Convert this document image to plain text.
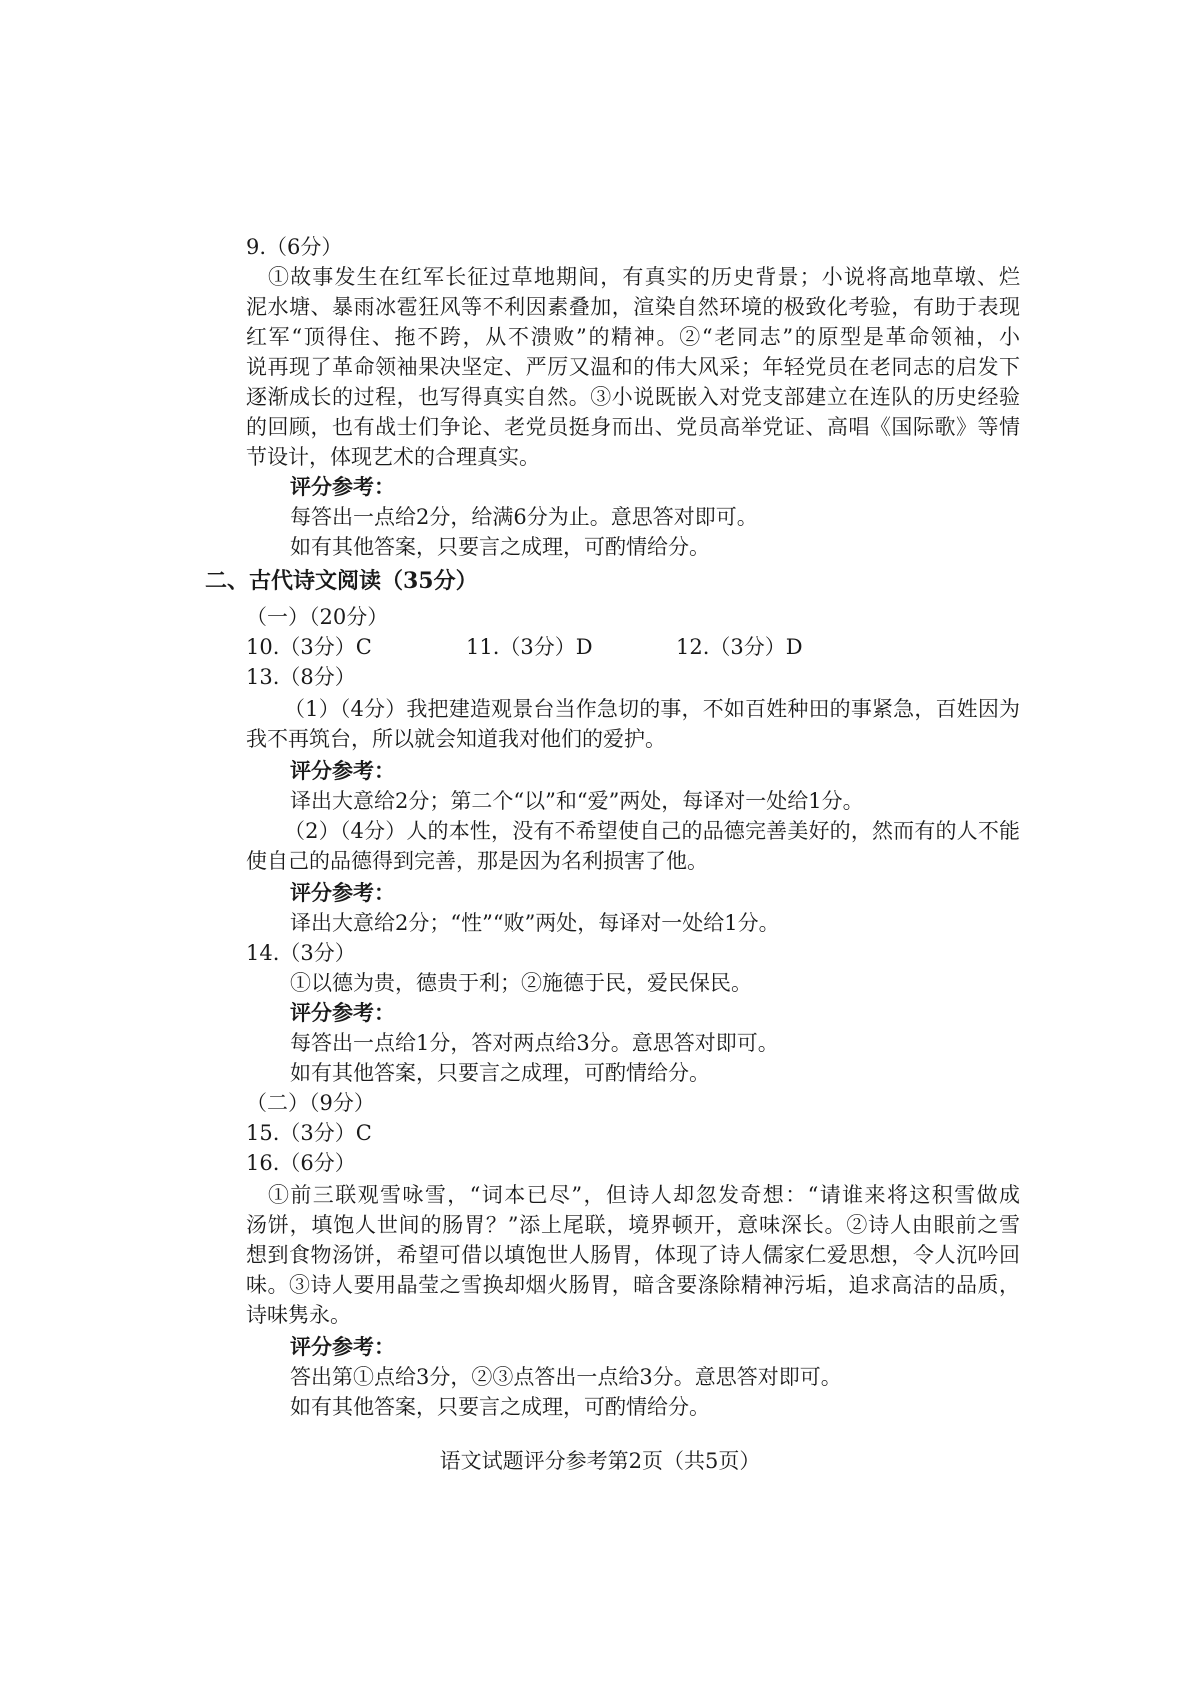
9.（6分）
①故事发生在红军长征过草地期间，有真实的历史背景；小说将高地草墩、烂
泥水塘、暴雨冰雹狂风等不利因素叠加，渲染自然环境的极致化考验，有助于表现
红军“顶得住、拖不跨，从不溃败”的精神。②“老同志”的原型是革命领袖，小
说再现了革命领袖果决坚定、严厉又温和的伟大风采；年轻党员在老同志的启发下
逐渐成长的过程，也写得真实自然。③小说既嵌入对党支部建立在连队的历史经验
的回顾，也有战士们争论、老党员挺身而出、党员高举党证、高唱《国际歌》等情
节设计，体现艺术的合理真实。
评分参考：
每答出一点给2分，给满6分为止。意思答对即可。
如有其他答案，只要言之成理，可酌情给分。
二、古代诗文阅读（35分）
（一）（20分）
10.（3分）C	11.（3分）D	12.（3分）D
13.（8分）
（1）（4分）我把建造观景台当作急切的事，不如百姓种田的事紧急，百姓因为
我不再筑台，所以就会知道我对他们的爱护。
评分参考：
译出大意给2分；第二个“以”和“爱”两处，每译对一处给1分。
（2）（4分）人的本性，没有不希望使自己的品德完善美好的，然而有的人不能
使自己的品德得到完善，那是因为名利损害了他。
评分参考：
译出大意给2分；“性”“败”两处，每译对一处给1分。
14.（3分）
①以德为贵，德贵于利；②施德于民，爱民保民。
评分参考：
每答出一点给1分，答对两点给3分。意思答对即可。
如有其他答案，只要言之成理，可酌情给分。
（二）（9分）
15.（3分）C
16.（6分）
①前三联观雪咏雪，“词本已尽”，但诗人却忽发奇想：“请谁来将这积雪做成
汤饼，填饱人世间的肠胃？”添上尾联，境界顿开，意味深长。②诗人由眼前之雪
想到食物汤饼，希望可借以填饱世人肠胃，体现了诗人儒家仁爱思想，令人沉吟回
味。③诗人要用晶莹之雪换却烟火肠胃，暗含要涤除精神污垢，追求高洁的品质，
诗味隽永。
评分参考：
答出第①点给3分，②③点答出一点给3分。意思答对即可。
如有其他答案，只要言之成理，可酌情给分。
语文试题评分参考第2页（共5页）
